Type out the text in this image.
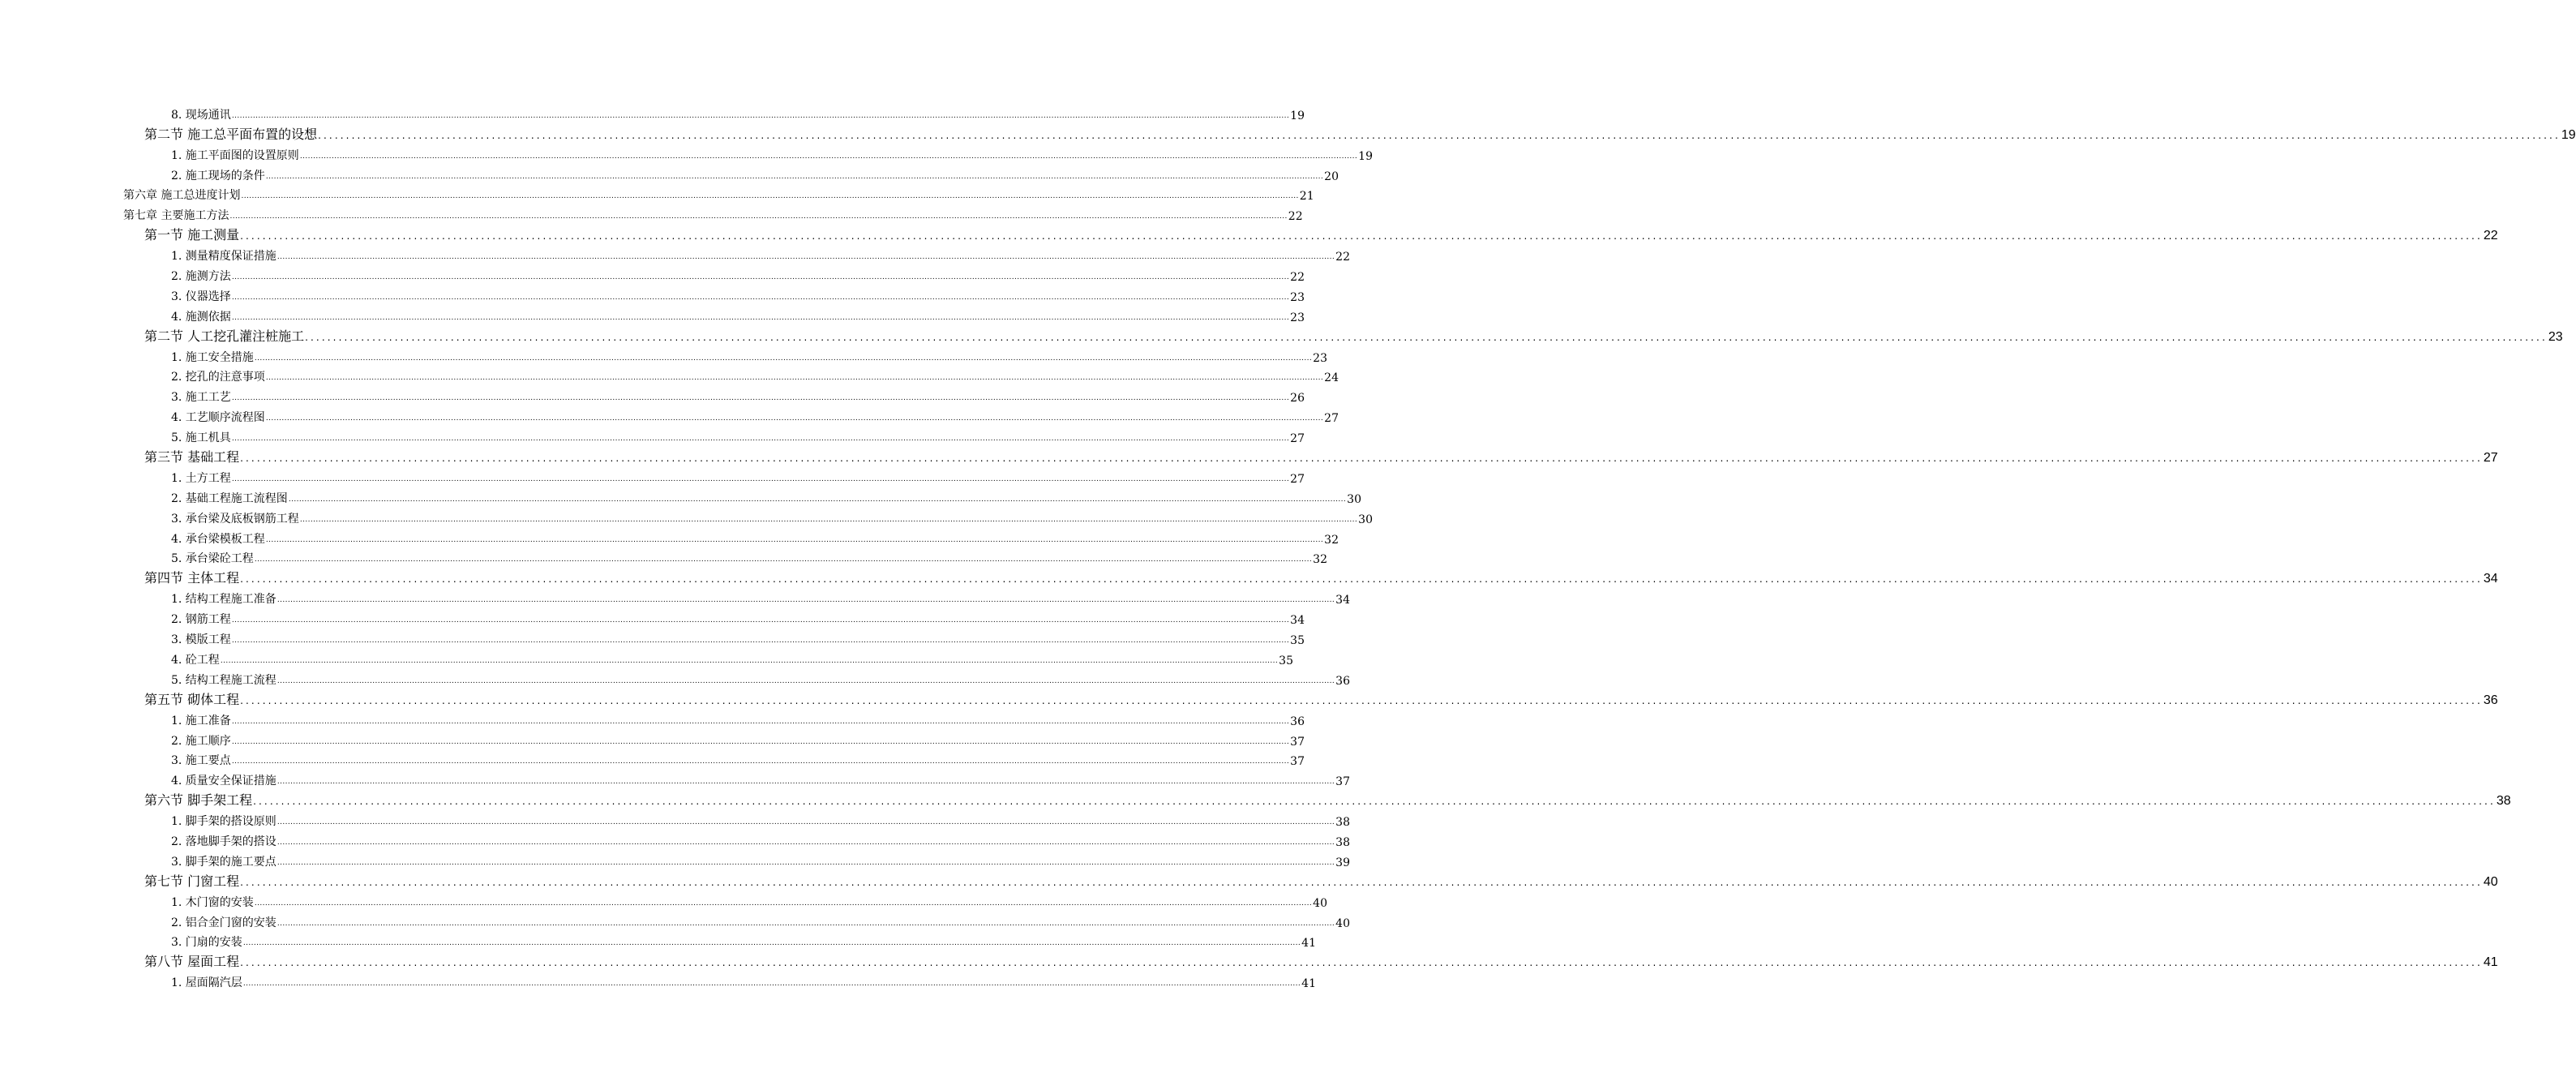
8. 现场通讯 ................................................................................................................................................................................................................................................................................................................................................................................................................ 19
第二节 施工总平面布置的设想 ................................................................................................................................................................................................................................................................................................................................................................................................................ 19
1. 施工平面图的设置原则 ................................................................................................................................................................................................................................................................................................................................................................................................................ 19
2. 施工现场的条件 ................................................................................................................................................................................................................................................................................................................................................................................................................ 20
第六章 施工总进度计划 ................................................................................................................................................................................................................................................................................................................................................................................................................ 21
第七章 主要施工方法 ................................................................................................................................................................................................................................................................................................................................................................................................................ 22
第一节 施工测量 ................................................................................................................................................................................................................................................................................................................................................................................................................ 22
1. 测量精度保证措施 ................................................................................................................................................................................................................................................................................................................................................................................................................ 22
2. 施测方法 ................................................................................................................................................................................................................................................................................................................................................................................................................ 22
3. 仪器选择 ................................................................................................................................................................................................................................................................................................................................................................................................................ 23
4. 施测依据 ................................................................................................................................................................................................................................................................................................................................................................................................................ 23
第二节 人工挖孔灌注桩施工 ................................................................................................................................................................................................................................................................................................................................................................................................................ 23
1. 施工安全措施 ................................................................................................................................................................................................................................................................................................................................................................................................................ 23
2. 挖孔的注意事项 ................................................................................................................................................................................................................................................................................................................................................................................................................ 24
3. 施工工艺 ................................................................................................................................................................................................................................................................................................................................................................................................................ 26
4. 工艺顺序流程图 ................................................................................................................................................................................................................................................................................................................................................................................................................ 27
5. 施工机具 ................................................................................................................................................................................................................................................................................................................................................................................................................ 27
第三节 基础工程 ................................................................................................................................................................................................................................................................................................................................................................................................................ 27
1. 土方工程 ................................................................................................................................................................................................................................................................................................................................................................................................................ 27
2. 基础工程施工流程图 ................................................................................................................................................................................................................................................................................................................................................................................................................ 30
3. 承台梁及底板钢筋工程 ................................................................................................................................................................................................................................................................................................................................................................................................................ 30
4. 承台梁模板工程 ................................................................................................................................................................................................................................................................................................................................................................................................................ 32
5. 承台梁砼工程 ................................................................................................................................................................................................................................................................................................................................................................................................................ 32
第四节 主体工程 ................................................................................................................................................................................................................................................................................................................................................................................................................ 34
1. 结构工程施工准备 ................................................................................................................................................................................................................................................................................................................................................................................................................ 34
2. 钢筋工程 ................................................................................................................................................................................................................................................................................................................................................................................................................ 34
3. 模版工程 ................................................................................................................................................................................................................................................................................................................................................................................................................ 35
4. 砼工程 ................................................................................................................................................................................................................................................................................................................................................................................................................ 35
5. 结构工程施工流程 ................................................................................................................................................................................................................................................................................................................................................................................................................ 36
第五节 砌体工程 ................................................................................................................................................................................................................................................................................................................................................................................................................ 36
1. 施工准备 ................................................................................................................................................................................................................................................................................................................................................................................................................ 36
2. 施工顺序 ................................................................................................................................................................................................................................................................................................................................................................................................................ 37
3. 施工要点 ................................................................................................................................................................................................................................................................................................................................................................................................................ 37
4. 质量安全保证措施 ................................................................................................................................................................................................................................................................................................................................................................................................................ 37
第六节 脚手架工程 ................................................................................................................................................................................................................................................................................................................................................................................................................ 38
1. 脚手架的搭设原则 ................................................................................................................................................................................................................................................................................................................................................................................................................ 38
2. 落地脚手架的搭设 ................................................................................................................................................................................................................................................................................................................................................................................................................ 38
3. 脚手架的施工要点 ................................................................................................................................................................................................................................................................................................................................................................................................................ 39
第七节 门窗工程 ................................................................................................................................................................................................................................................................................................................................................................................................................ 40
1. 木门窗的安装 ................................................................................................................................................................................................................................................................................................................................................................................................................ 40
2. 铝合金门窗的安装 ................................................................................................................................................................................................................................................................................................................................................................................................................ 40
3. 门扇的安装 ................................................................................................................................................................................................................................................................................................................................................................................................................ 41
第八节 屋面工程 ................................................................................................................................................................................................................................................................................................................................................................................................................ 41
1. 屋面隔汽层 ................................................................................................................................................................................................................................................................................................................................................................................................................ 41
